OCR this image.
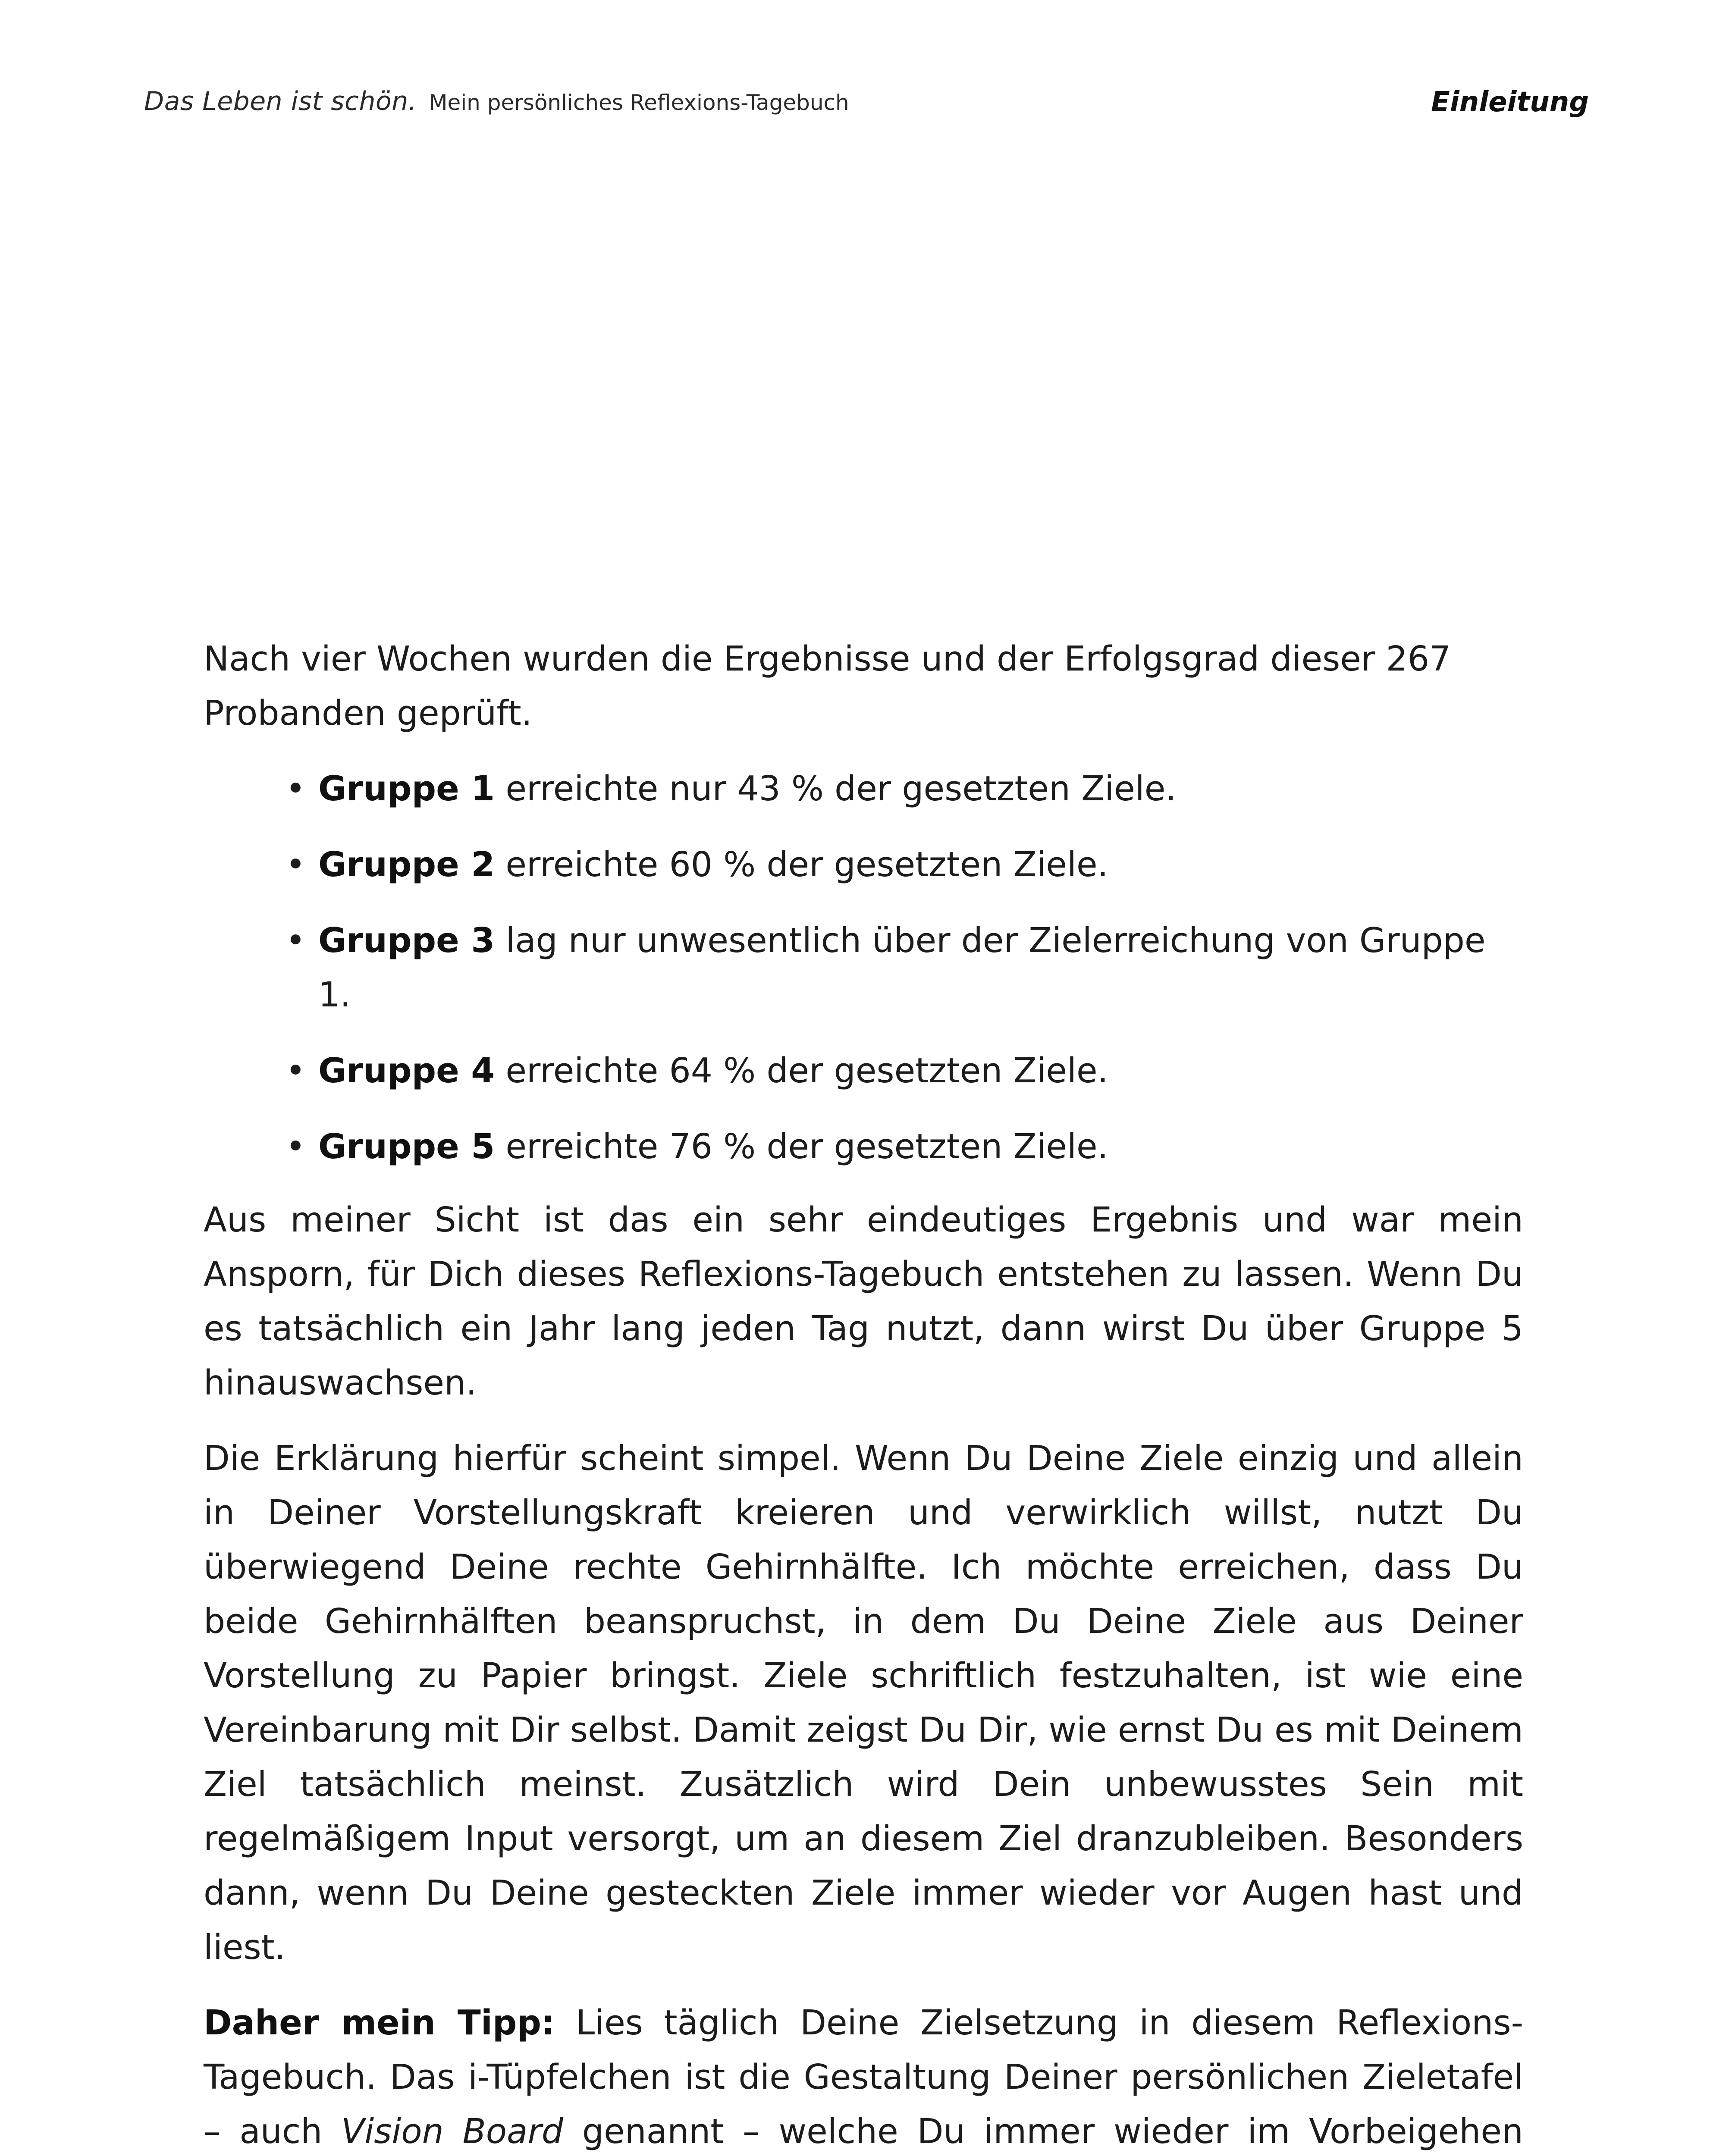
Das Leben ist schön. Mein persönliches Reflexions-Tagebuch	Einleitung

Nach vier Wochen wurden die Ergebnisse und der Erfolgsgrad dieser 267 Probanden geprüft.

• Gruppe 1 erreichte nur 43 % der gesetzten Ziele.
• Gruppe 2 erreichte 60 % der gesetzten Ziele.
• Gruppe 3 lag nur unwesentlich über der Zielerreichung von Gruppe 1.
• Gruppe 4 erreichte 64 % der gesetzten Ziele.
• Gruppe 5 erreichte 76 % der gesetzten Ziele.

Aus meiner Sicht ist das ein sehr eindeutiges Ergebnis und war mein Ansporn, für Dich dieses Reflexions-Tagebuch entstehen zu lassen. Wenn Du es tatsächlich ein Jahr lang jeden Tag nutzt, dann wirst Du über Gruppe 5 hinauswachsen.

Die Erklärung hierfür scheint simpel. Wenn Du Deine Ziele einzig und allein in Deiner Vorstellungskraft kreieren und verwirklich willst, nutzt Du überwiegend Deine rechte Gehirnhälfte. Ich möchte erreichen, dass Du beide Gehirnhälften beanspruchst, in dem Du Deine Ziele aus Deiner Vorstellung zu Papier bringst. Ziele schriftlich festzuhalten, ist wie eine Vereinbarung mit Dir selbst. Damit zeigst Du Dir, wie ernst Du es mit Deinem Ziel tatsächlich meinst. Zusätzlich wird Dein unbewusstes Sein mit regelmäßigem Input versorgt, um an diesem Ziel dranzubleiben. Besonders dann, wenn Du Deine gesteckten Ziele immer wieder vor Augen hast und liest.

Daher mein Tipp: Lies täglich Deine Zielsetzung in diesem Reflexions-Tagebuch. Das i-Tüpfelchen ist die Gestaltung Deiner persönlichen Zieletafel – auch Vision Board genannt – welche Du immer wieder im Vorbeigehen
